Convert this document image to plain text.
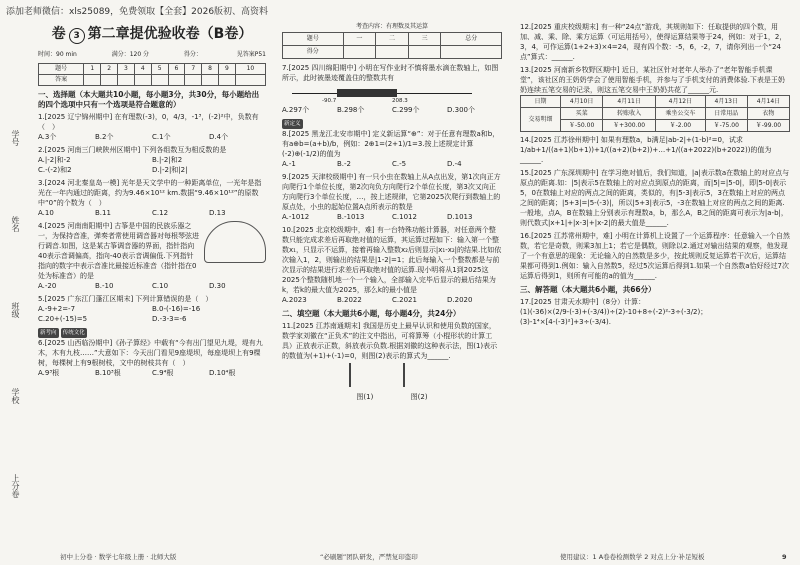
添加老师微信：xls25089，免费领取【全套】2026版初、高资料
学号
姓名
班级
学校
上分卷
卷 3 第二章提优验收卷（B卷）
时间：90 min	满分：120 分	得分：	见答案P51
题号	1	2	3	4	5	6	7	8	9	10
答案										
一、选择题（本大题共10小题，每小题3分，共30分，每小题给出的四个选项中只有一个选项是符合题意的）
1.[2025 辽宁锦州期中] 在有理数(-3)，0，4/3，-1³，(-2)²中，负数有（　）
A.3个	B.2个	C.1个	D.4个
2.[2025 河南三门峡陕州区期中] 下列各组数互为相反数的是
A.|-2|和-2	B.|-2|和2
C.-(-2)和2	D.|-2|和|2|
3.[2024 河北秦皇岛一模] 光年是天文学中的一种距离单位，一光年是指光在一年内通过的距离，约为9.46×10¹² km.数据“9.46×10¹²”的原数中“0”的个数为（　）
A.10	B.11	C.12	D.13
4.[2025 河南南阳期中] 古筝是中国的民族乐器之一，为保持音准，弹奏者常使用调音器对每根琴弦进行调音.如图，这是某古筝调音器的界面，指针指向40表示音调偏高，指向-40表示音调偏低.下列指针指向的数字中表示音准比最接近标准音（指针指在0处为标准音）的是
A.-20	B.-10	C.10	D.30
5.[2025 广东江门蓬江区期末] 下列计算错误的是（　）
A.-9+2=-7	B.0-(-16)=-16
C.20+(-15)=5	D.-3-3=-6
新考向 传统文化
6.[2025 山西临汾期中]《孙子算经》中载有“今有出门望见九堤，堤有九木，木有九枝……”大意如下：今天出门看见9座堤坝，每座堤坝上有9棵树，每棵树上有9根树枝，文中的树枝共有（　）
A.9³根	B.10³根	C.9⁴根	D.10⁴根
考查内容：有理数及其运算
题号	一	二	三	总分
得分				
7.[2025 四川绵阳期中] 小明在写作业时不慎将墨水滴在数轴上，如图所示，此时被墨迹覆盖住的整数共有
-90.7	208.3
A.297个	B.298个	C.299个	D.300个
新定义
8.[2025 黑龙江北安市期中] 定义新运算“⊕”：对于任意有理数a和b，有a⊕b=(a+b)/b，例如：2⊕1=(2+1)/1=3.按上述规定计算(-2)⊕(-1/2)的值为
A.-1	B.-2	C.-5	D.-4
9.[2025 天津校级期中] 有一只小虫在数轴上从A点出发，第1次向正方向爬行1个单位长度，第2次向负方向爬行2个单位长度，第3次又向正方向爬行3个单位长度，…，按上述规律，它第2025次爬行到数轴上的原点处，小虫的起始位置A点所表示的数是
A.-1012	B.-1013	C.1012	D.1013
10.[2025 北京校级期中，难] 有一台特殊功能计算器，对任意两个整数只能完成求差后再取绝对值的运算，其运算过程如下：输入第一个整数x₁，只显示不运算，接着再输入整数x₂后则显示|x₁-x₂|的结果.比如依次输入1，2，则输出的结果是|1-2|=1；此后每输入一个整数都是与前次显示的结果进行求差后再取绝对值的运算.现小明将从1到2025这2025个整数随机地一个一个输入，全部输入完毕后显示的最后结果为k，若k的最大值为2025，那么k的最小值是
A.2023	B.2022	C.2021	D.2020
二、填空题（本大题共6小题，每小题4分，共24分）
11.[2025 江苏南通期末] 我国是历史上最早认识和使用负数的国家，数学家刘徽在“正负术”的注文中指出，可将算筹（小棍形状的计算工具）正放表示正数，斜放表示负数.根据刘徽的这种表示法，图(1)表示的数值为(+1)+(-1)=0，则图(2)表示的算式为______.

图(1)	图(2)
12.[2025 重庆校级期末] 有一种“24点”游戏，其规则如下：任取提供的四个数，用加、减、乘、除、乘方运算（可运用括号），使得运算结果等于24，例如：对于1，2，3，4，可作运算(1+2+3)×4=24，现有四个数：-5，6，-2，7，请你列出一个“24点”算式：______.
13.[2025 河南新乡牧野区期中] 近日，某社区针对老年人举办了“老年智能手机课堂”，该社区的王奶奶学会了使用智能手机，并参与了手机支付的消费体验.下表是王奶奶连续五笔交易的记录，则这五笔交易中王奶奶共花了______元.
日期	4月10日	4月11日	4月12日	4月13日	4月14日
交易明细	买菜	转账收入	乘坐公交车	日常用品	衣物
	￥-50.00	￥+300.00	￥-2.00	￥-75.00	￥-99.00
14.[2025 江苏徐州期中] 如果有理数a，b满足|ab-2|+(1-b)²=0，试求1/ab+1/((a+1)(b+1))+1/((a+2)(b+2))+…+1/((a+2022)(b+2022))的值为______.
15.[2025 广东深圳期中] 在学习绝对值后，我们知道，|a|表示数a在数轴上的对应点与原点的距离.如：|5|表示5在数轴上的对应点到原点的距离，而|5|=|5-0|，即|5-0|表示5，0在数轴上对应的两点之间的距离，类似的，有|5-3|表示5，3在数轴上对应的两点之间的距离；|5+3|=|5-(-3)|，所以|5+3|表示5，-3在数轴上对应的两点之间的距离.一般地，点A，B在数轴上分别表示有理数a，b，那么A，B之间的距离可表示为|a-b|，则代数式|x+1|+|x-3|+|x-2|的最大值是______.
16.[2025 江苏常州期中，难] 小明在计算机上设置了一个运算程序：任意输入一个自然数，若它是奇数，则乘3加上1；若它是偶数，则除以2.通过对输出结果的观察，他发现了一个有意思的现象：无论输入的自然数是多少，按此规则反复运算若干次后，运算结果都可得到1.例如：输入自然数5，经过5次运算后得到1.如果一个自然数a恰好经过7次运算后得到1，则所有可能的a的值为______.
三、解答题（本大题共6小题，共66分）
17.[2025 甘肃天水期中]（8分）计算：
(1)(-36)×(2/9-(-3)+(-3/4))÷(2)-10+8÷(-2)²-3÷(-3/2)；
(3)-1⁴×[4-(-3)²]+3÷(-3/4).
初中上分卷 · 数学七年级上册 · 北师大版	“必刷题”团队研发，严禁复印盗印	使用建议：1 A卷卷检测数学 2 对点上分·补足短板	9
